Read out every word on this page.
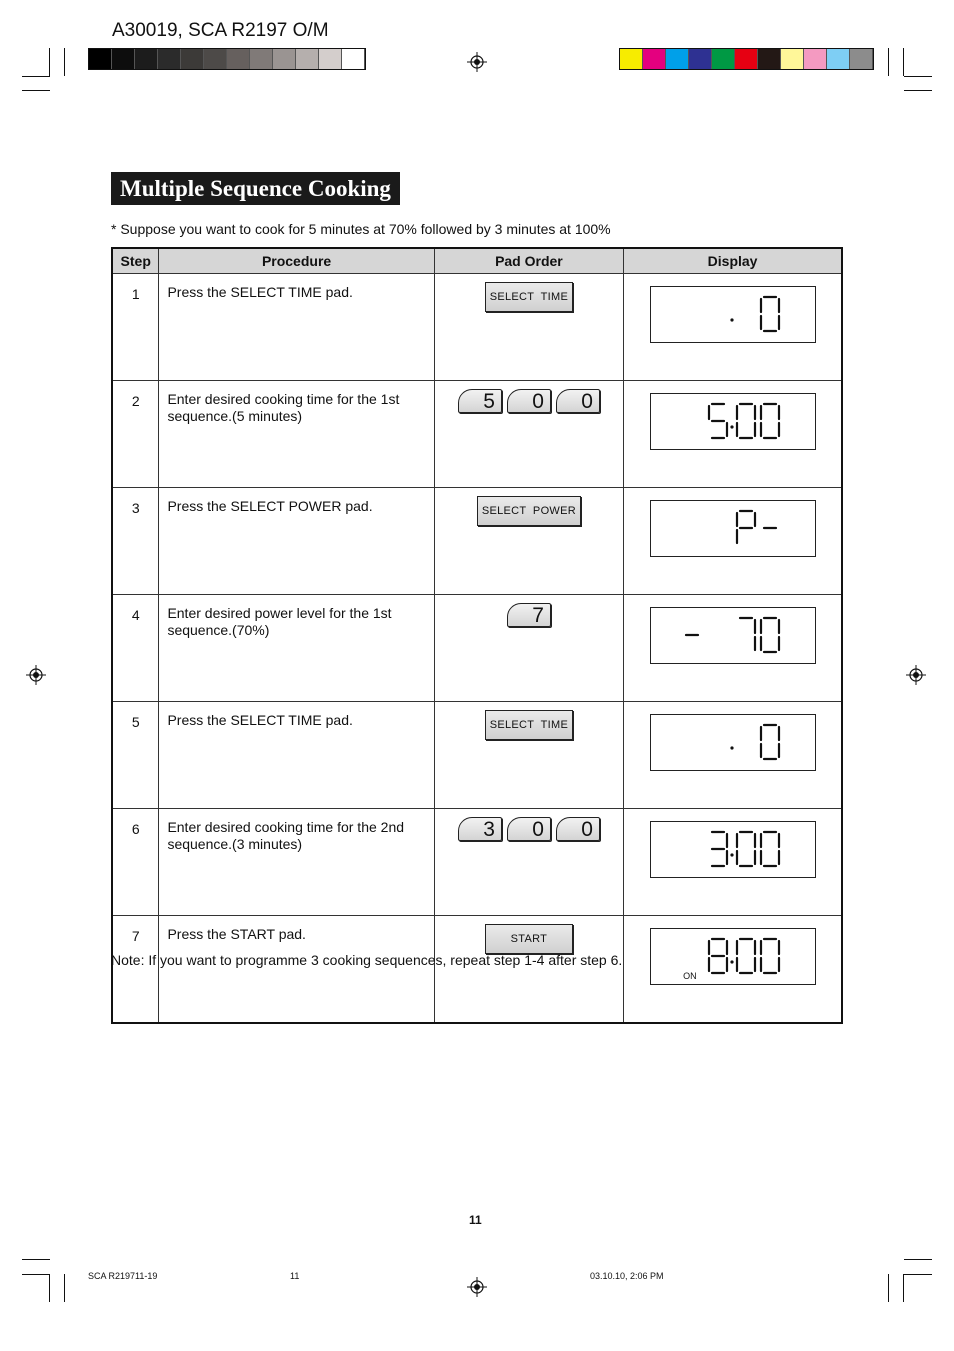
A30019, SCA R2197 O/M
Multiple Sequence Cooking
* Suppose you want to cook for 5 minutes at 70% followed by 3 minutes at 100%
Step	Procedure	Pad Order	Display
1	Press the SELECT TIME pad.	SELECT  TIME

2	Enter desired cooking time for the 1st sequence.(5 minutes)	5 0 0

3	Press the SELECT POWER pad.	SELECT  POWER

4	Enter desired power level for the 1st sequence.(70%)	7

5	Press the SELECT TIME pad.	SELECT  TIME

6	Enter desired cooking time for the 2nd sequence.(3 minutes)	3 0 0

7	Press the START pad.	START	ON
Note: If you want to programme 3 cooking sequences, repeat step 1-4 after step 6.
11
SCA R219711-19	11	03.10.10, 2:06 PM
